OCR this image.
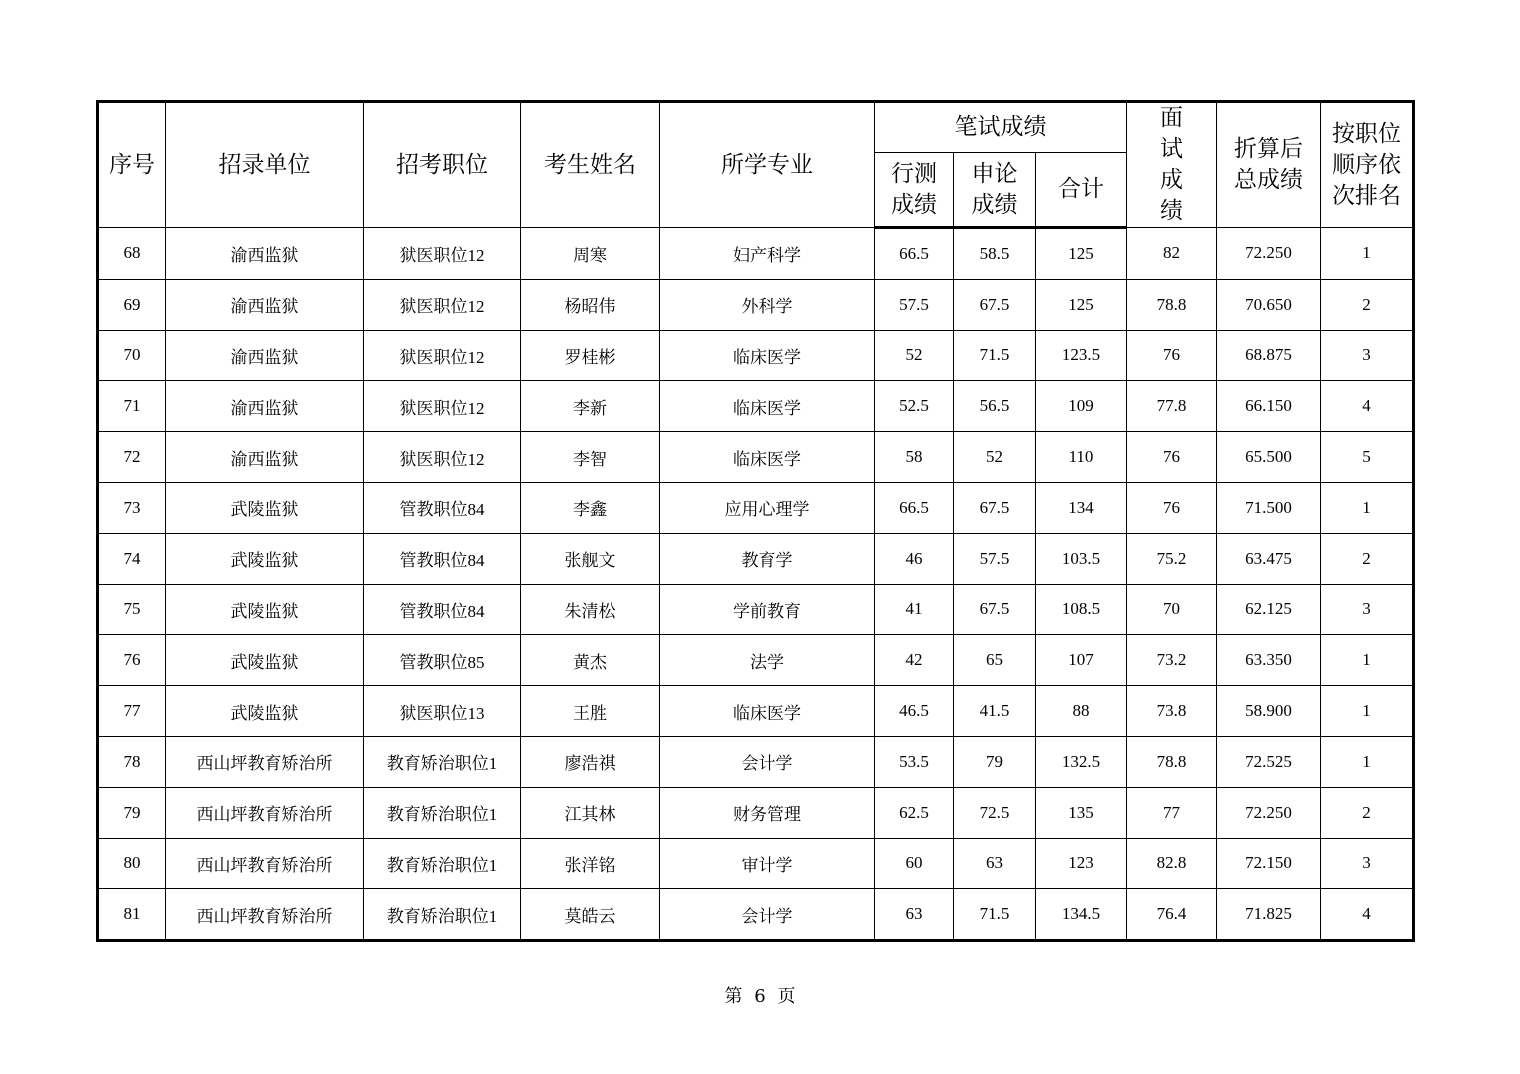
序号	招录单位	招考职位	考生姓名	所学专业	笔试成绩			面试成绩	折算后总成绩	按职位顺序依次排名
					行测成绩	申论成绩	合计			
68	渝西监狱	狱医职位12	周寒	妇产科学	66.5	58.5	125	82	72.250	1
69	渝西监狱	狱医职位12	杨昭伟	外科学	57.5	67.5	125	78.8	70.650	2
70	渝西监狱	狱医职位12	罗桂彬	临床医学	52	71.5	123.5	76	68.875	3
71	渝西监狱	狱医职位12	李新	临床医学	52.5	56.5	109	77.8	66.150	4
72	渝西监狱	狱医职位12	李智	临床医学	58	52	110	76	65.500	5
73	武陵监狱	管教职位84	李鑫	应用心理学	66.5	67.5	134	76	71.500	1
74	武陵监狱	管教职位84	张舰文	教育学	46	57.5	103.5	75.2	63.475	2
75	武陵监狱	管教职位84	朱清松	学前教育	41	67.5	108.5	70	62.125	3
76	武陵监狱	管教职位85	黄杰	法学	42	65	107	73.2	63.350	1
77	武陵监狱	狱医职位13	王胜	临床医学	46.5	41.5	88	73.8	58.900	1
78	西山坪教育矫治所	教育矫治职位1	廖浩祺	会计学	53.5	79	132.5	78.8	72.525	1
79	西山坪教育矫治所	教育矫治职位1	江其林	财务管理	62.5	72.5	135	77	72.250	2
80	西山坪教育矫治所	教育矫治职位1	张洋铭	审计学	60	63	123	82.8	72.150	3
81	西山坪教育矫治所	教育矫治职位1	莫皓云	会计学	63	71.5	134.5	76.4	71.825	4
第 6 页
